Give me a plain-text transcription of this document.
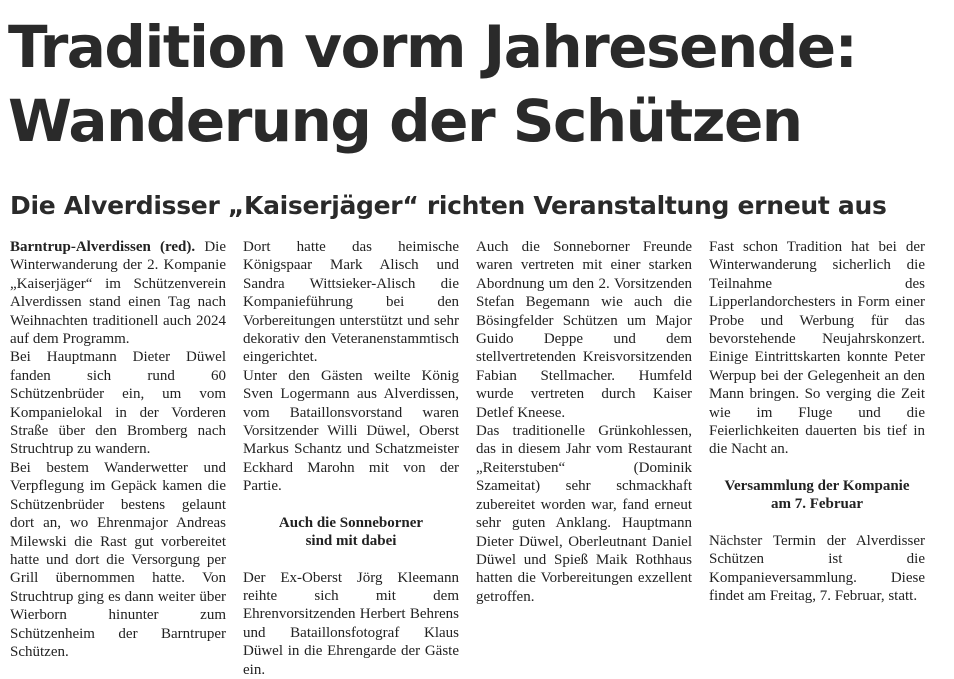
Tradition vorm Jahresende:
Wanderung der Schützen
Die Alverdisser „Kaiserjäger“ richten Veranstaltung erneut aus

Barntrup-Alverdissen (red). Die Winterwanderung der 2. Kompanie „Kaiserjäger“ im Schützenverein Alverdissen stand einen Tag nach Weihnachten traditionell auch 2024 auf dem Programm.

Bei Hauptmann Dieter Düwel fanden sich rund 60 Schützenbrüder ein, um vom Kompanielokal in der Vorderen Straße über den Bromberg nach Struchtrup zu wandern.

Bei bestem Wanderwetter und Verpflegung im Gepäck kamen die Schützenbrüder bestens gelaunt dort an, wo Ehrenmajor Andreas Milewski die Rast gut vorbereitet hatte und dort die Versorgung per Grill übernommen hatte. Von Struchtrup ging es dann weiter über Wierborn hinunter zum Schützenheim der Barntruper Schützen.

Dort hatte das heimische Königspaar Mark Alisch und Sandra Wittsieker-Alisch die Kompanieführung bei den Vorbereitungen unterstützt und sehr dekorativ den Veteranenstammtisch eingerichtet.

Unter den Gästen weilte König Sven Logermann aus Alverdissen, vom Bataillonsvorstand waren Vorsitzender Willi Düwel, Oberst Markus Schantz und Schatzmeister Eckhard Marohn mit von der Partie.

Auch die Sonneborner
sind mit dabei

Der Ex-Oberst Jörg Kleemann reihte sich mit dem Ehrenvorsitzenden Herbert Behrens und Bataillonsfotograf Klaus Düwel in die Ehrengarde der Gäste ein.

Auch die Sonneborner Freunde waren vertreten mit einer starken Abordnung um den 2. Vorsitzenden Stefan Begemann wie auch die Bösingfelder Schützen um Major Guido Deppe und dem stellvertretenden Kreisvorsitzenden Fabian Stellmacher. Humfeld wurde vertreten durch Kaiser Detlef Kneese.

Das traditionelle Grünkohlessen, das in diesem Jahr vom Restaurant „Reiterstuben“ (Dominik Szameitat) sehr schmackhaft zubereitet worden war, fand erneut sehr guten Anklang. Hauptmann Dieter Düwel, Oberleutnant Daniel Düwel und Spieß Maik Rothhaus hatten die Vorbereitungen exzellent getroffen.

Fast schon Tradition hat bei der Winterwanderung sicherlich die Teilnahme des Lipperlandorchesters in Form einer Probe und Werbung für das bevorstehende Neujahrskonzert. Einige Eintrittskarten konnte Peter Werpup bei der Gelegenheit an den Mann bringen. So verging die Zeit wie im Fluge und die Feierlichkeiten dauerten bis tief in die Nacht an.

Versammlung der Kompanie
am 7. Februar

Nächster Termin der Alverdisser Schützen ist die Kompanieversammlung. Diese findet am Freitag, 7. Februar, statt.
